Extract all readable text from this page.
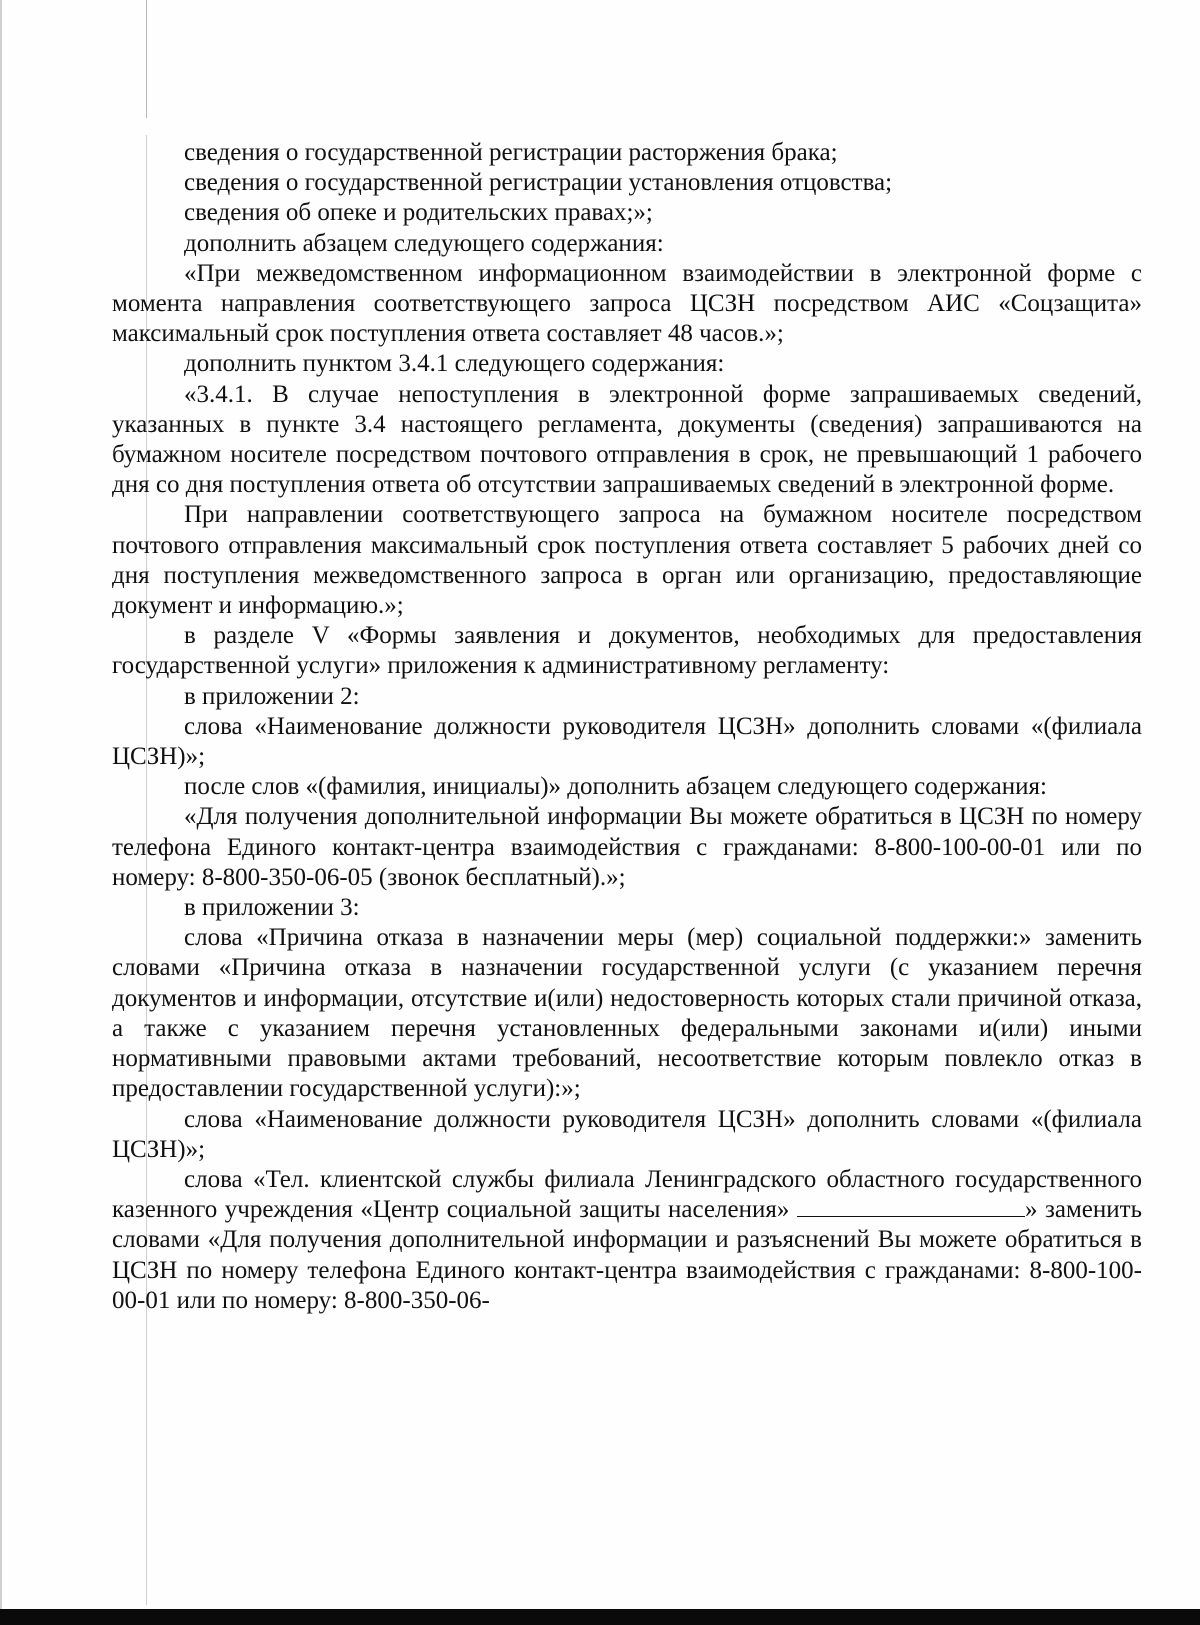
сведения о государственной регистрации расторжения брака;

сведения о государственной регистрации установления отцовства;

сведения об опеке и родительских правах;»;

дополнить абзацем следующего содержания:

«При межведомственном информационном взаимодействии в электронной форме с момента направления соответствующего запроса ЦСЗН посредством АИС «Соцзащита» максимальный срок поступления ответа составляет 48 часов.»;

дополнить пунктом 3.4.1 следующего содержания:

«3.4.1. В случае непоступления в электронной форме запрашиваемых сведений, указанных в пункте 3.4 настоящего регламента, документы (сведения) запрашиваются на бумажном носителе посредством почтового отправления в срок, не превышающий 1 рабочего дня со дня поступления ответа об отсутствии запрашиваемых сведений в электронной форме.

При направлении соответствующего запроса на бумажном носителе посредством почтового отправления максимальный срок поступления ответа составляет 5 рабочих дней со дня поступления межведомственного запроса в орган или организацию, предоставляющие документ и информацию.»;

в разделе V «Формы заявления и документов, необходимых для предоставления государственной услуги» приложения к административному регламенту:

в приложении 2:

слова «Наименование должности руководителя ЦСЗН» дополнить словами «(филиала ЦСЗН)»;

после слов «(фамилия, инициалы)» дополнить абзацем следующего содержания:

«Для получения дополнительной информации Вы можете обратиться в ЦСЗН по номеру телефона Единого контакт-центра взаимодействия с гражданами: 8-800-100-00-01 или по номеру: 8-800-350-06-05 (звонок бесплатный).»;

в приложении 3:

слова «Причина отказа в назначении меры (мер) социальной поддержки:» заменить словами «Причина отказа в назначении государственной услуги (с указанием перечня документов и информации, отсутствие и(или) недостоверность которых стали причиной отказа, а также с указанием перечня установленных федеральными законами и(или) иными нормативными правовыми актами требований, несоответствие которым повлекло отказ в предоставлении государственной услуги):»;

слова «Наименование должности руководителя ЦСЗН» дополнить словами «(филиала ЦСЗН)»;

слова «Тел. клиентской службы филиала Ленинградского областного государственного казенного учреждения «Центр социальной защиты населения»	» заменить словами «Для получения дополнительной информации и разъяснений Вы можете обратиться в ЦСЗН по номеру телефона Единого контакт-центра взаимодействия с гражданами: 8-800-100-00-01 или по номеру: 8-800-350-06-
